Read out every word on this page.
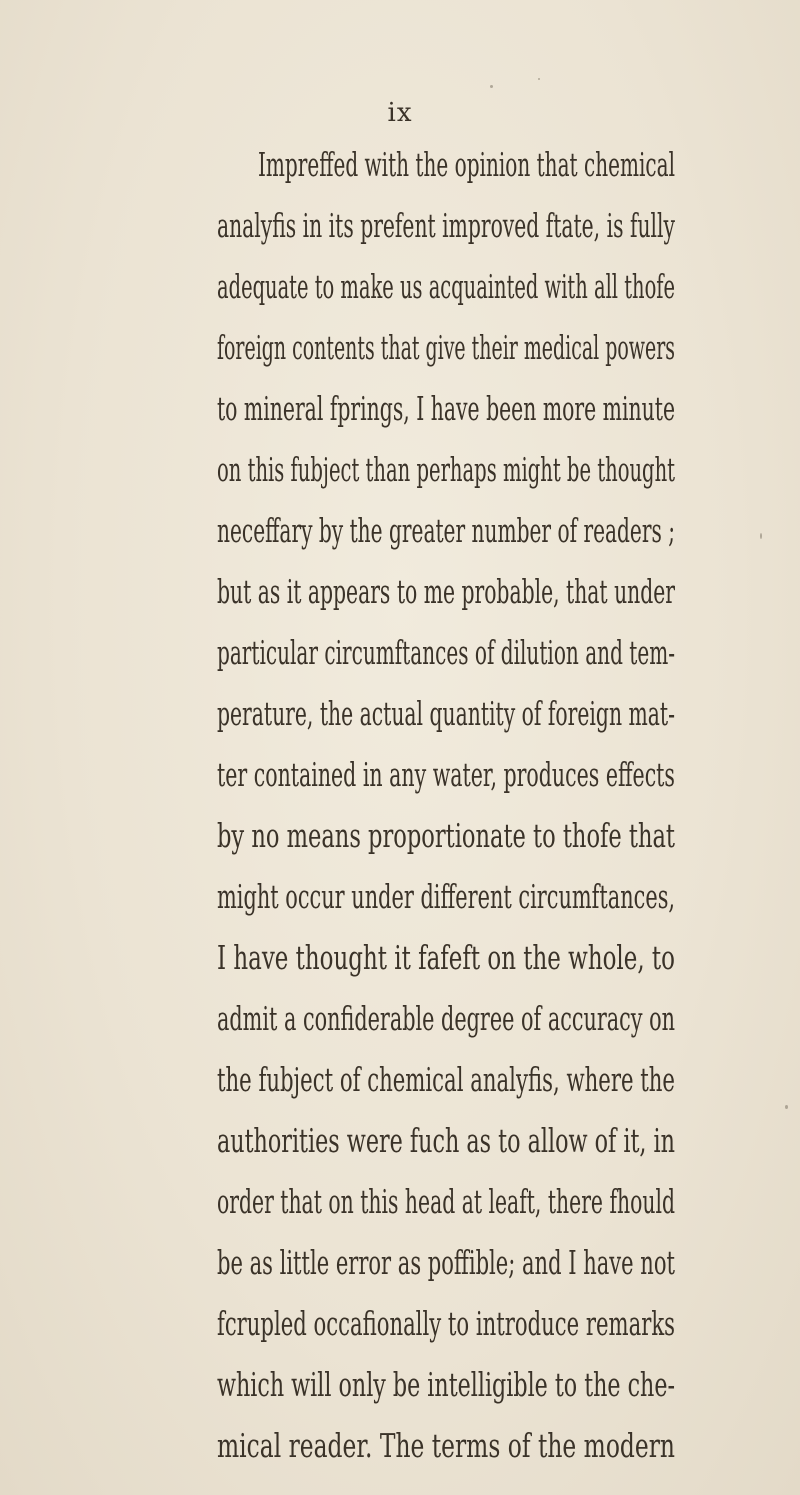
ix
Impreffed with the opinion that chemical
analyfis in its prefent improved ftate, is fully
adequate to make us acquainted with all thofe
foreign contents that give their medical powers
to mineral fprings, I have been more minute
on this fubject than perhaps might be thought
neceffary by the greater number of readers ;
but as it appears to me probable, that under
particular circumftances of dilution and tem-
perature, the actual quantity of foreign mat-
ter contained in any water, produces effects
by no means proportionate to thofe that
might occur under different circumftances,
I have thought it fafeft on the whole, to
admit a confiderable degree of accuracy on
the fubject of chemical analyfis, where the
authorities were fuch as to allow of it, in
order that on this head at leaft, there fhould
be as little error as poffible; and I have not
fcrupled occafionally to introduce remarks
which will only be intelligible to the che-
mical reader. The terms of the modern
